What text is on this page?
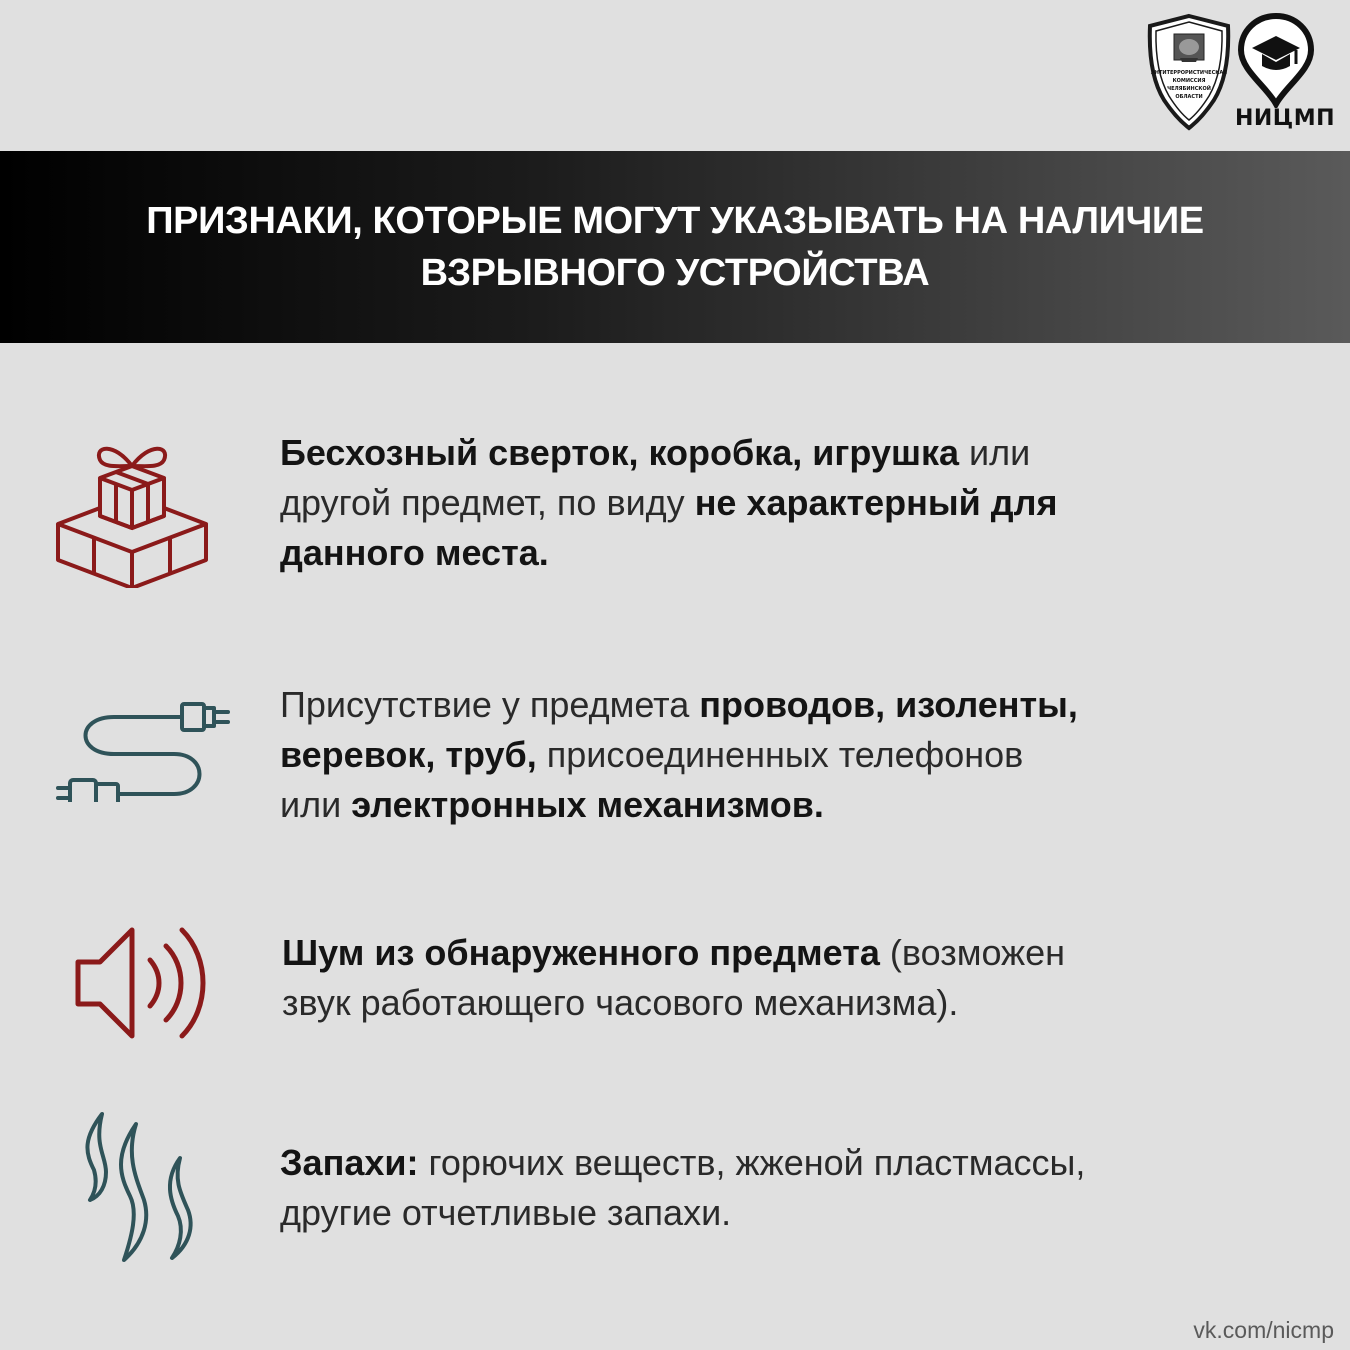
АНТИТЕРРОРИСТИЧЕСКАЯ
КОМИССИЯ
ЧЕЛЯБИНСКОЙ
ОБЛАСТИ
НИЦМП
ПРИЗНАКИ, КОТОРЫЕ МОГУТ УКАЗЫВАТЬ НА НАЛИЧИЕ
ВЗРЫВНОГО УСТРОЙСТВА
Бесхозный сверток, коробка, игрушка или
другой предмет, по виду не характерный для
данного места.
Присутствие у предмета проводов, изоленты,
веревок, труб, присоединенных телефонов
или электронных механизмов.
Шум из обнаруженного предмета (возможен
звук работающего часового механизма).
Запахи: горючих веществ, жженой пластмассы,
другие отчетливые запахи.
vk.com/nicmp
